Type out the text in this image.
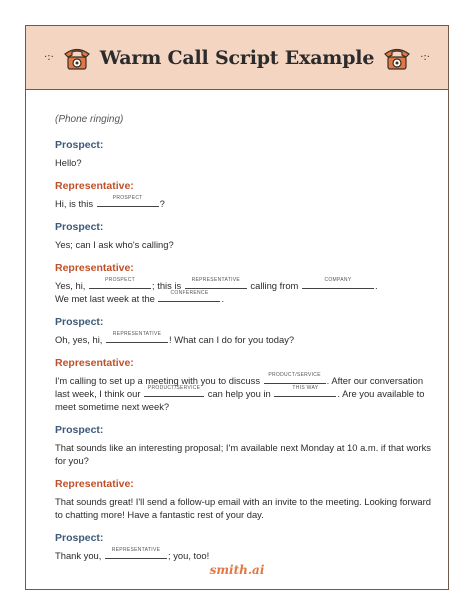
·:· Warm Call Script Example	·:·
(Phone ringing)
Prospect:
Hello?
Representative:
Hi, is this	PROSPECT	?
Prospect:
Yes; can I ask who's calling?
Representative:
Yes, hi,	PROSPECT	; this is	REPRESENTATIVE	calling from	COMPANY	.
We met last week at the	CONFERENCE	.
Prospect:
Oh, yes, hi,	REPRESENTATIVE ! What can I do for you today?
Representative:
I'm calling to set up a meeting with you to discuss	PRODUCT/SERVICE . After our conversation
last week, I think our	PRODUCT/SERVICE can help you in	THIS WAY	. Are you available to
meet sometime next week?
Prospect:
That sounds like an interesting proposal; I'm available next Monday at 10 a.m. if that works for you?
Representative:
That sounds great! I'll send a follow-up email with an invite to the meeting. Looking forward to chatting more! Have a fantastic rest of your day.
Prospect:
Thank you,	REPRESENTATIVE ; you, too!
smith.ai
